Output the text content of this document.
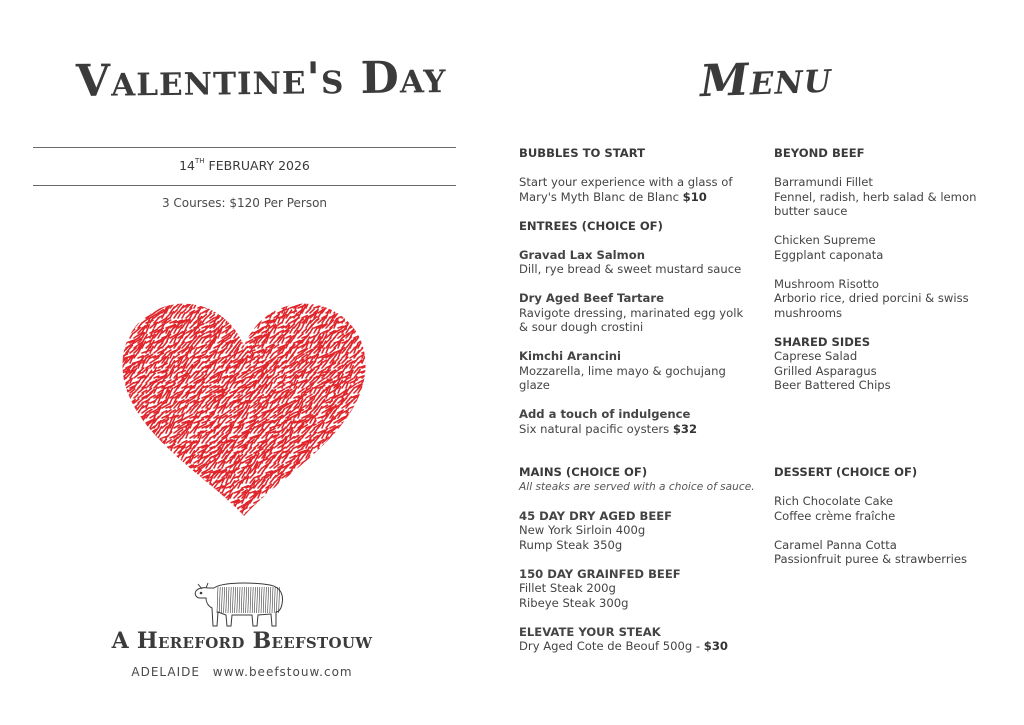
Valentine's Day	Menu
14TH FEBRUARY 2026
3 Courses: $120 Per Person
A Hereford Beefstouw
ADELAIDE www.beefstouw.com
BUBBLES TO START
Start your experience with a glass of
Mary's Myth Blanc de Blanc $10
ENTREES (CHOICE OF)
Gravad Lax Salmon
Dill, rye bread & sweet mustard sauce
Dry Aged Beef Tartare
Ravigote dressing, marinated egg yolk
& sour dough crostini
Kimchi Arancini
Mozzarella, lime mayo & gochujang glaze
Add a touch of indulgence
Six natural pacific oysters $32
MAINS (CHOICE OF)
All steaks are served with a choice of sauce.
45 DAY DRY AGED BEEF
New York Sirloin 400g
Rump Steak 350g
150 DAY GRAINFED BEEF
Fillet Steak 200g
Ribeye Steak 300g
ELEVATE YOUR STEAK
Dry Aged Cote de Beouf 500g - $30
BEYOND BEEF
Barramundi Fillet
Fennel, radish, herb salad & lemon
butter sauce
Chicken Supreme
Eggplant caponata
Mushroom Risotto
Arborio rice, dried porcini & swiss
mushrooms
SHARED SIDES
Caprese Salad
Grilled Asparagus
Beer Battered Chips
DESSERT (CHOICE OF)
Rich Chocolate Cake
Coffee crème fraîche
Caramel Panna Cotta
Passionfruit puree & strawberries
